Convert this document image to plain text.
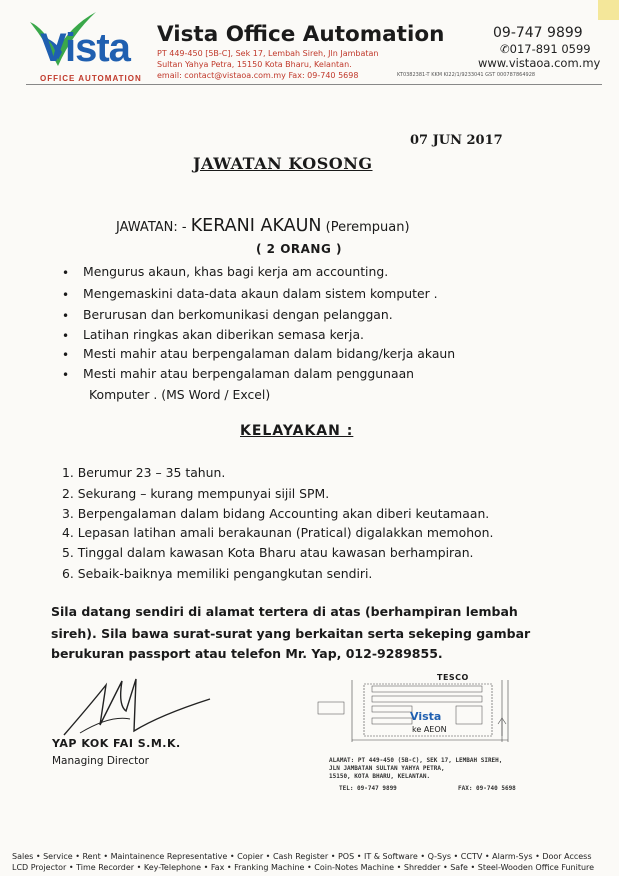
Vista
OFFICE AUTOMATION
Vista Office Automation
PT 449-450 [5B-C], Sek 17, Lembah Sireh, Jln Jambatan
Sultan Yahya Petra, 15150 Kota Bharu, Kelantan.
email: contact@vistaoa.com.my Fax: 09-740 5698
09-747 9899
✆017-891 0599
www.vistaoa.com.my
KT0382381-T KKM KI22/1/9233041 GST 000787864928
07 JUN 2017
JAWATAN KOSONG
JAWATAN: - KERANI AKAUN (Perempuan)
( 2 ORANG )
• Mengurus akaun, khas bagi kerja am accounting.
• Mengemaskini data-data akaun dalam sistem komputer .
• Berurusan dan berkomunikasi dengan pelanggan.
• Latihan ringkas akan diberikan semasa kerja.
• Mesti mahir atau berpengalaman dalam bidang/kerja akaun
• Mesti mahir atau berpengalaman dalam penggunaan
Komputer . (MS Word / Excel)
KELAYAKAN :
1. Berumur 23 – 35 tahun.
2. Sekurang – kurang mempunyai sijil SPM.
3. Berpengalaman dalam bidang Accounting akan diberi keutamaan.
4. Lepasan latihan amali berakaunan (Pratical) digalakkan memohon.
5. Tinggal dalam kawasan Kota Bharu atau kawasan berhampiran.
6. Sebaik-baiknya memiliki pengangkutan sendiri.
Sila datang sendiri di alamat tertera di atas (berhampiran lembah
sireh). Sila bawa surat-surat yang berkaitan serta sekeping gambar
berukuran passport atau telefon Mr. Yap, 012-9289855.
YAP KOK FAI S.M.K.
Managing Director
TESCO
Vista
ke AEON
ALAMAT: PT 449-450 (5B-C), SEK 17, LEMBAH SIREH,
JLN JAMBATAN SULTAN YAHYA PETRA,
15150, KOTA BHARU, KELANTAN.
TEL: 09-747 9899	FAX: 09-740 5698
Sales • Service • Rent • Maintainence Representative • Copier • Cash Register • POS • IT & Software • Q-Sys • CCTV • Alarm-Sys • Door Access
LCD Projector • Time Recorder • Key-Telephone • Fax • Franking Machine • Coin-Notes Machine • Shredder • Safe • Steel-Wooden Office Funiture
